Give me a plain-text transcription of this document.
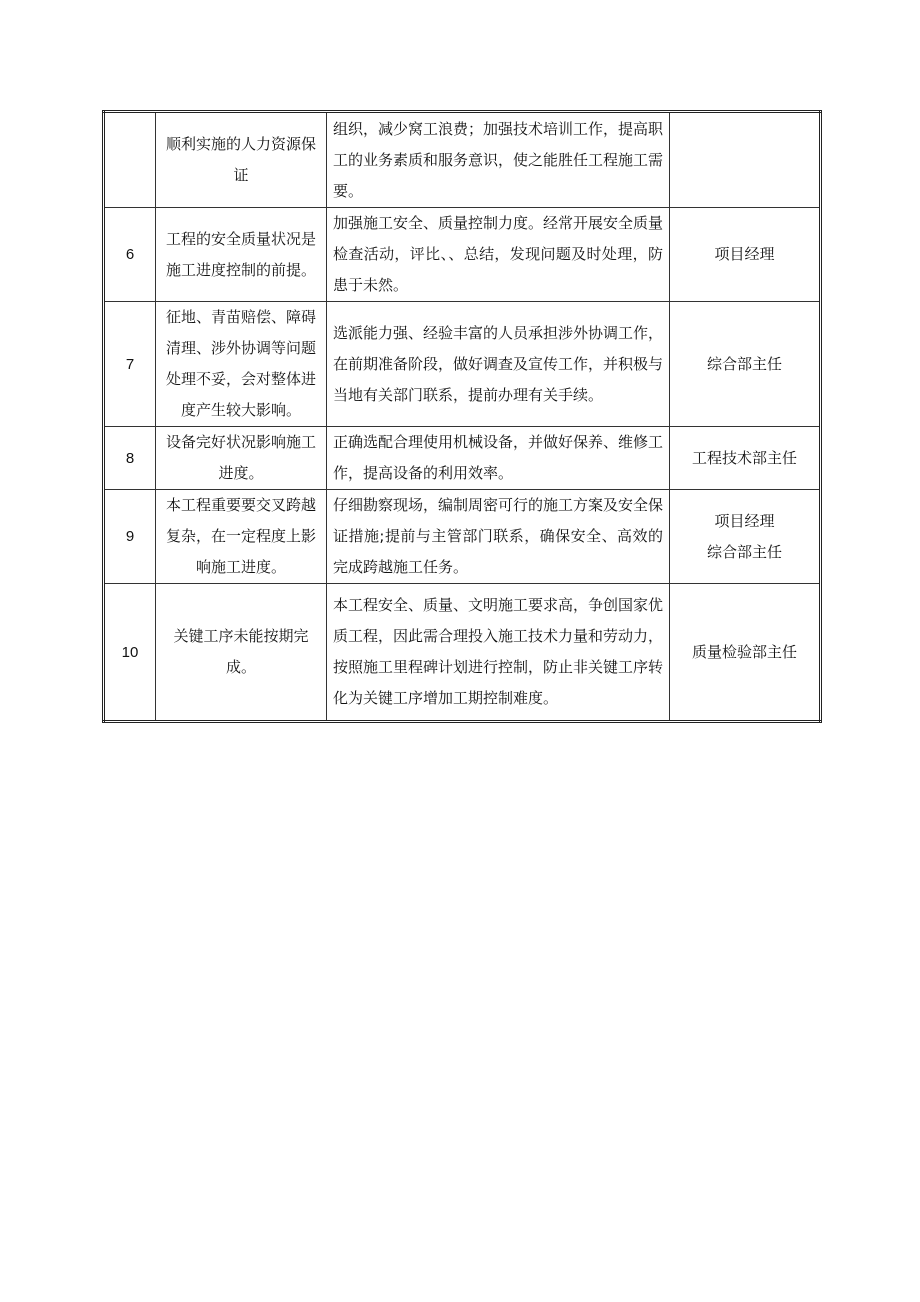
	顺利实施的人力资源保证	组织，减少窝工浪费；加强技术培训工作，提高职工的业务素质和服务意识，使之能胜任工程施工需要。	

6	工程的安全质量状况是施工进度控制的前提。	加强施工安全、质量控制力度。经常开展安全质量检查活动，评比、、总结，发现问题及时处理，防患于未然。	项目经理

7	征地、青苗赔偿、障碍清理、涉外协调等问题处理不妥，会对整体进度产生较大影响。	选派能力强、经验丰富的人员承担涉外协调工作，在前期准备阶段，做好调查及宣传工作，并积极与当地有关部门联系，提前办理有关手续。	综合部主任

8	设备完好状况影响施工进度。	正确选配合理使用机械设备，并做好保养、维修工作，提高设备的利用效率。	工程技术部主任

9	本工程重要要交叉跨越复杂，在一定程度上影响施工进度。	仔细勘察现场，编制周密可行的施工方案及安全保证措施;提前与主管部门联系，确保安全、高效的完成跨越施工任务。	项目经理
综合部主任

10	关键工序未能按期完成。	本工程安全、质量、文明施工要求高，争创国家优质工程，因此需合理投入施工技术力量和劳动力，按照施工里程碑计划进行控制，防止非关键工序转化为关键工序增加工期控制难度。	质量检验部主任
